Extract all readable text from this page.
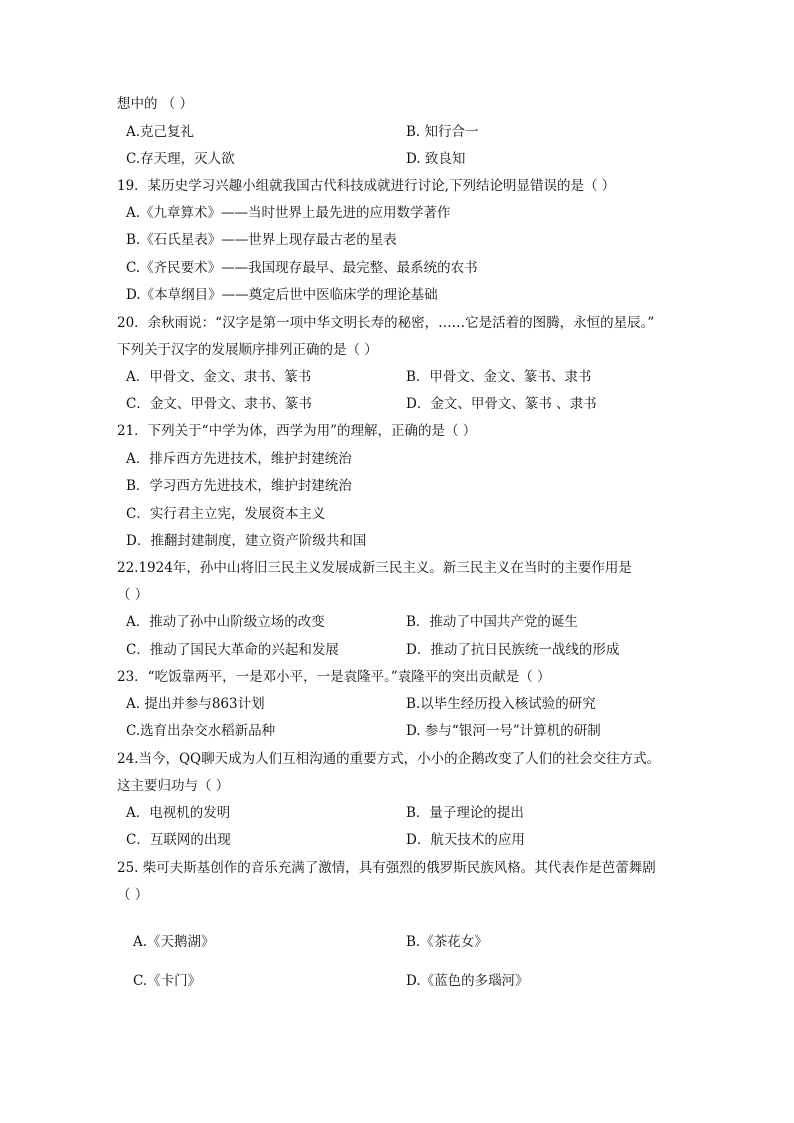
想中的 （ ）
A.克己复礼	B. 知行合一
C.存天理，灭人欲	D. 致良知
19．某历史学习兴趣小组就我国古代科技成就进行讨论,下列结论明显错误的是（ ）
A.《九章算术》——当时世界上最先进的应用数学著作
B.《石氏星表》——世界上现存最古老的星表
C.《齐民要术》——我国现存最早、最完整、最系统的农书
D.《本草纲目》——奠定后世中医临床学的理论基础
20．余秋雨说：“汉字是第一项中华文明长寿的秘密，……它是活着的图腾，永恒的星辰。”
下列关于汉字的发展顺序排列正确的是（ ）
A．甲骨文、金文、隶书、篆书	B．甲骨文、金文、篆书、隶书
C．金文、甲骨文、隶书、篆书	D．金文、甲骨文、篆书 、隶书
21．下列关于“中学为体，西学为用”的理解，正确的是（ ）
A．排斥西方先进技术，维护封建统治
B．学习西方先进技术，维护封建统治
C．实行君主立宪，发展资本主义
D．推翻封建制度，建立资产阶级共和国
22.1924年，孙中山将旧三民主义发展成新三民主义。新三民主义在当时的主要作用是
（ ）
A．推动了孙中山阶级立场的改变	B．推动了中国共产党的诞生
C．推动了国民大革命的兴起和发展	D．推动了抗日民族统一战线的形成
23．“吃饭靠两平，一是邓小平，一是袁隆平。”袁隆平的突出贡献是（ ）
A. 提出并参与863计划	B.以毕生经历投入核试验的研究
C.选育出杂交水稻新品种	D. 参与“银河一号”计算机的研制
24.当今，QQ聊天成为人们互相沟通的重要方式，小小的企鹅改变了人们的社会交往方式。
这主要归功与（ ）
A．电视机的发明	B．量子理论的提出
C．互联网的出现	D．航天技术的应用
25. 柴可夫斯基创作的音乐充满了激情，具有强烈的俄罗斯民族风格。其代表作是芭蕾舞剧
（ ）
A.《天鹅湖》	B.《茶花女》
C.《卡门》	D.《蓝色的多瑙河》
